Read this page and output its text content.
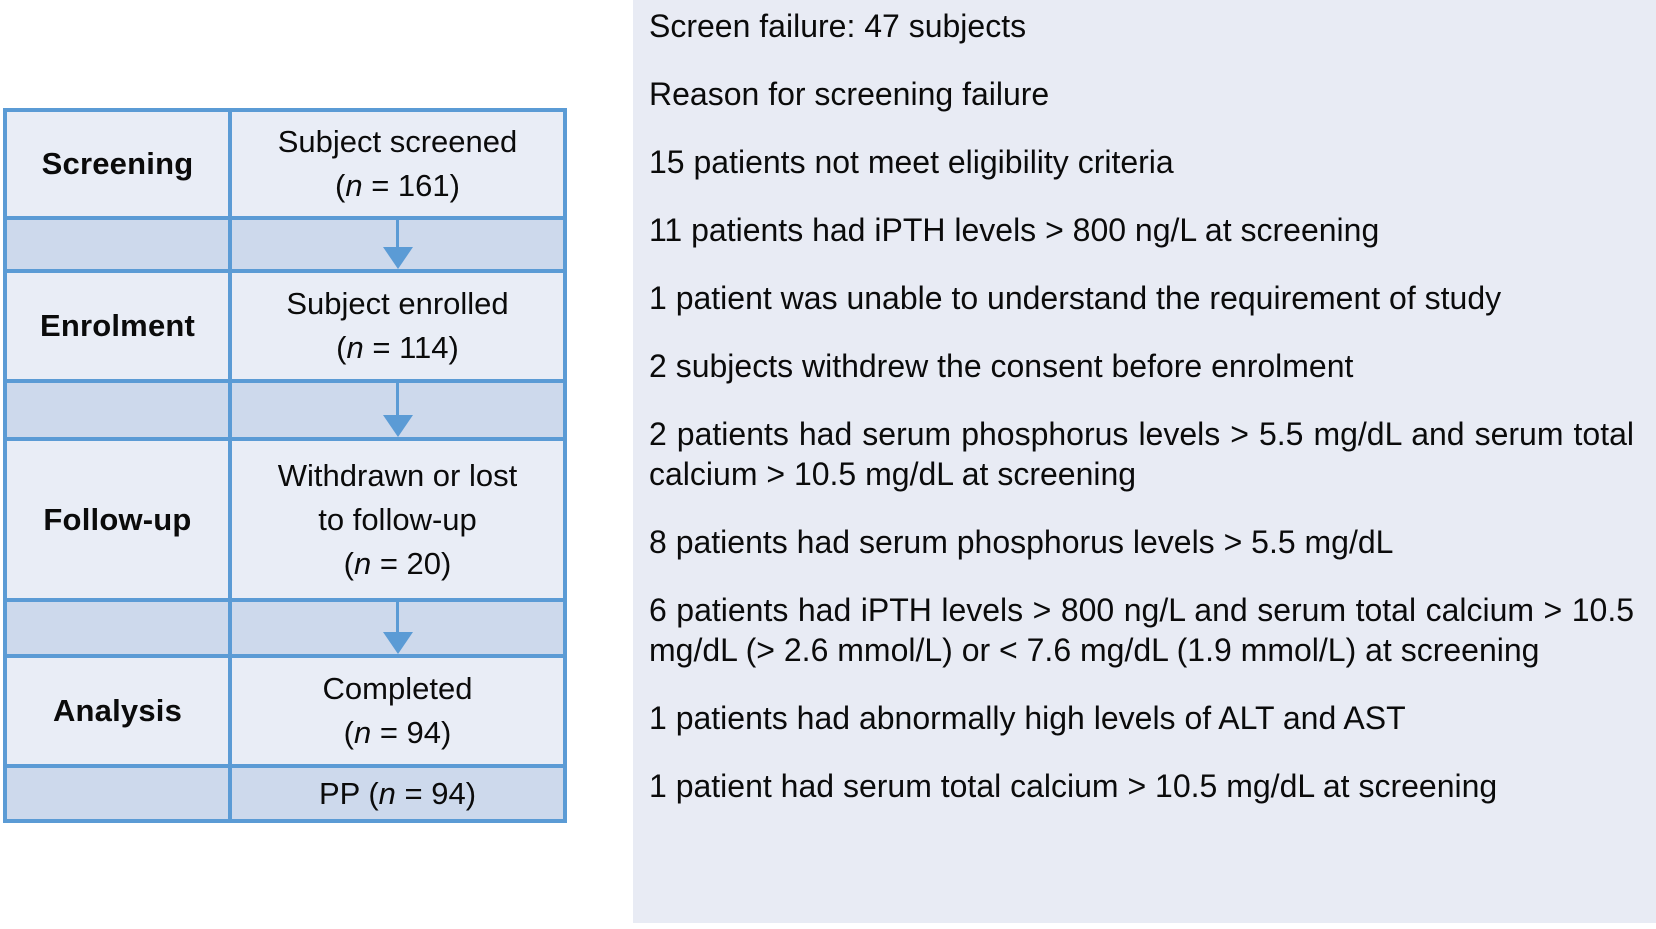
Screening
Subject screened
(n = 161)
Enrolment
Subject enrolled
(n = 114)
Follow-up
Withdrawn or lost
to follow-up
(n = 20)
Analysis
Completed
(n = 94)
PP (n = 94)

Screen failure: 47 subjects

Reason for screening failure

15 patients not meet eligibility criteria

11 patients had iPTH levels > 800 ng/L at screening

1 patient was unable to understand the requirement of study

2 subjects withdrew the consent before enrolment

2 patients had serum phosphorus levels > 5.5 mg/dL and serum total calcium > 10.5 mg/dL at screening

8 patients had serum phosphorus levels > 5.5 mg/dL

6 patients had iPTH levels > 800 ng/L and serum total calcium > 10.5 mg/dL (> 2.6 mmol/L) or < 7.6 mg/dL (1.9 mmol/L) at screening

1 patients had abnormally high levels of ALT and AST

1 patient had serum total calcium > 10.5 mg/dL at screening
